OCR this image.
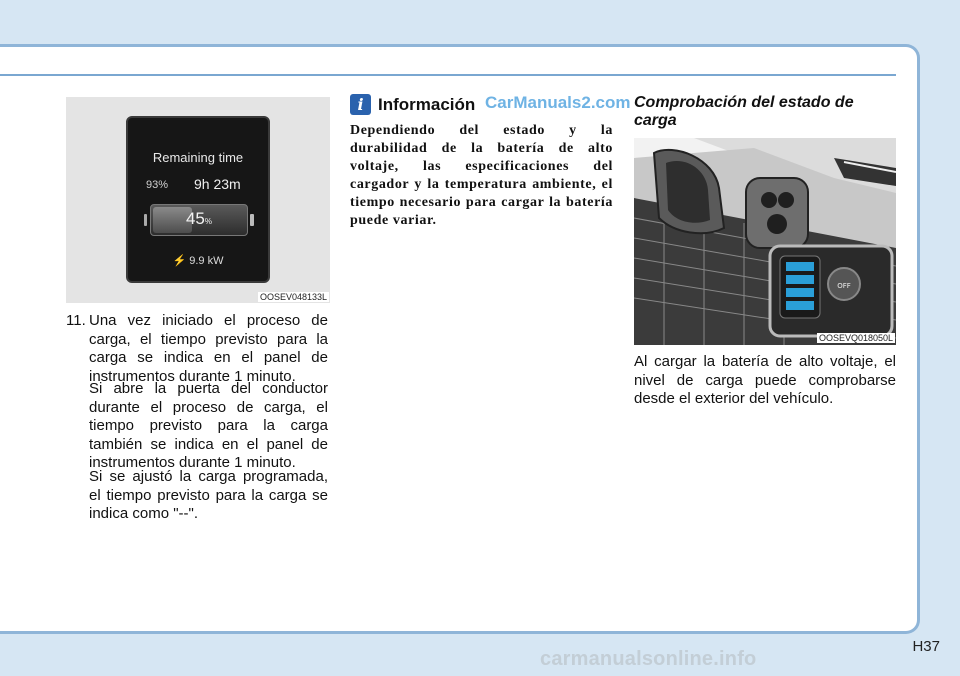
Remaining time
93% 9h 23m
45%
⚡ 9.9 kW
OOSEV048133L
11. Una vez iniciado el proceso de carga, el tiempo previsto para la carga se indica en el panel de instrumentos durante 1 minuto.
Si abre la puerta del conductor durante el proceso de carga, el tiempo previsto para la carga también se indica en el panel de instrumentos durante 1 minuto.
Si se ajustó la carga programada, el tiempo previsto para la carga se indica como "--".
i Información CarManuals2.com
Dependiendo del estado y la durabilidad de la batería de alto voltaje, las especificaciones del cargador y la temperatura ambiente, el tiempo necesario para cargar la batería puede variar.
Comprobación del estado de carga
OFF
OOSEVQ018050L
Al cargar la batería de alto voltaje, el nivel de carga puede comprobarse desde el exterior del vehículo.
H37
carmanualsonline.info
